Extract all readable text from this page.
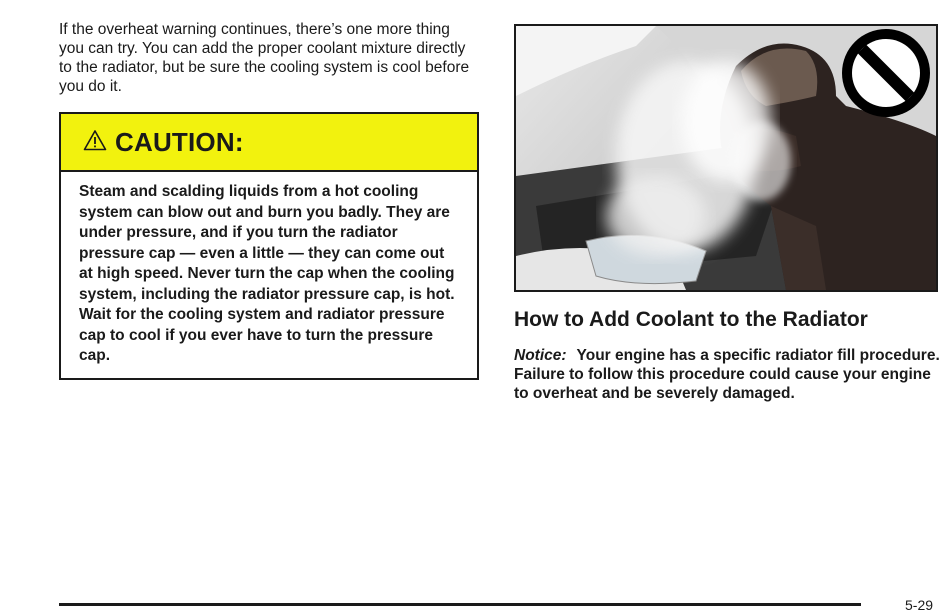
If the overheat warning continues, there’s one more thing you can try. You can add the proper coolant mixture directly to the radiator, but be sure the cooling system is cool before you do it.

CAUTION:

Steam and scalding liquids from a hot cooling system can blow out and burn you badly. They are under pressure, and if you turn the radiator pressure cap — even a little — they can come out at high speed. Never turn the cap when the cooling system, including the radiator pressure cap, is hot. Wait for the cooling system and radiator pressure cap to cool if you ever have to turn the pressure cap.

How to Add Coolant to the Radiator

Notice: Your engine has a specific radiator fill procedure. Failure to follow this procedure could cause your engine to overheat and be severely damaged.

5-29
